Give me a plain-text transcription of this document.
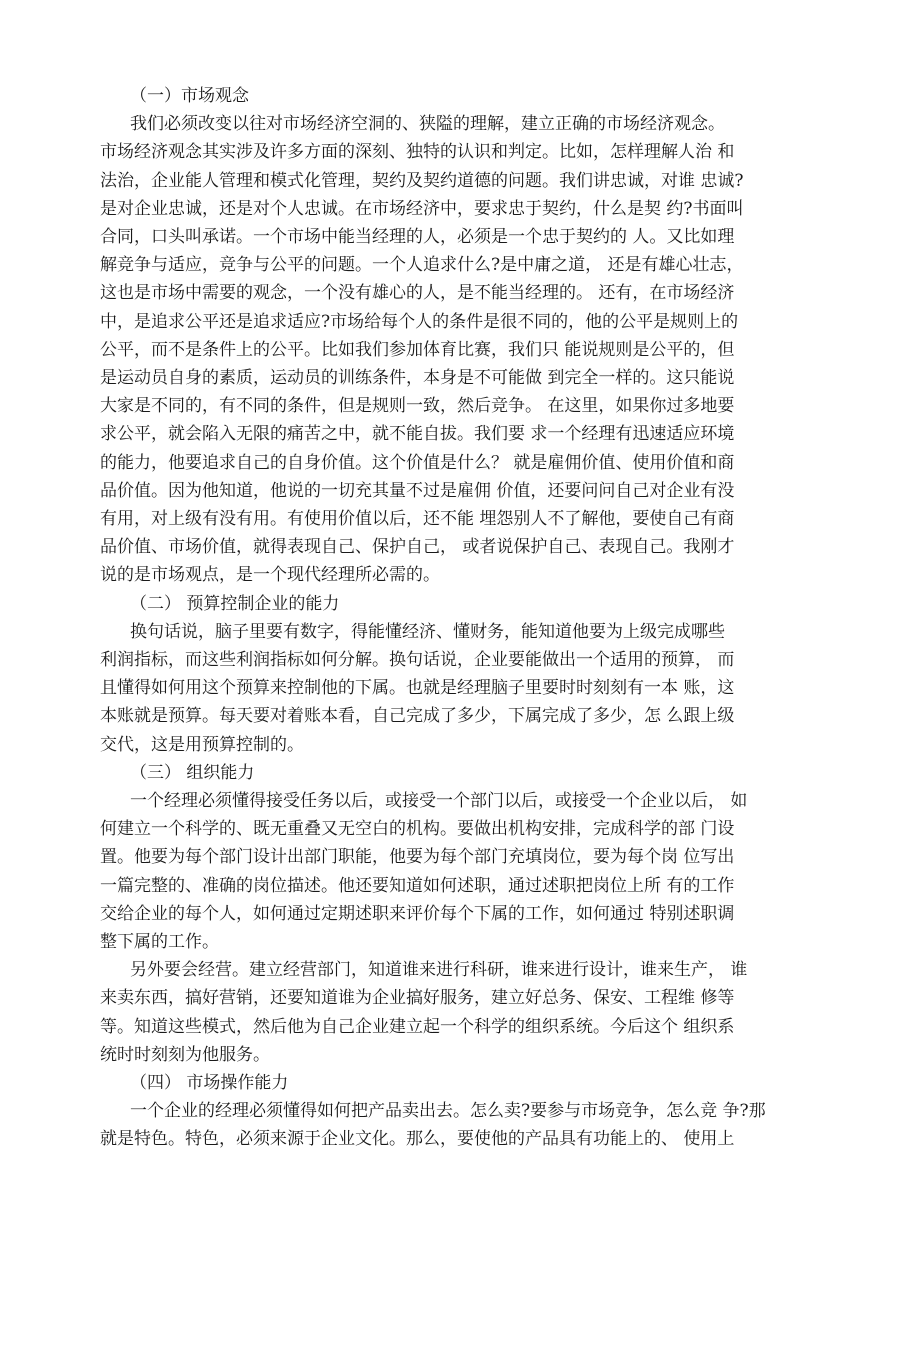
（一）市场观念
我们必须改变以往对市场经济空洞的、狭隘的理解，建立正确的市场经济观念。
市场经济观念其实涉及许多方面的深刻、独特的认识和判定。比如，怎样理解人治 和
法治，企业能人管理和模式化管理，契约及契约道德的问题。我们讲忠诚，对谁 忠诚?
是对企业忠诚，还是对个人忠诚。在市场经济中，要求忠于契约，什么是契 约?书面叫
合同，口头叫承诺。一个市场中能当经理的人，必须是一个忠于契约的 人。又比如理
解竞争与适应，竞争与公平的问题。一个人追求什么?是中庸之道， 还是有雄心壮志，
这也是市场中需要的观念，一个没有雄心的人，是不能当经理的。 还有，在市场经济
中，是追求公平还是追求适应?市场给每个人的条件是很不同的，他的公平是规则上的
公平，而不是条件上的公平。比如我们参加体育比赛，我们只 能说规则是公平的，但
是运动员自身的素质，运动员的训练条件，本身是不可能做 到完全一样的。这只能说
大家是不同的，有不同的条件，但是规则一致，然后竞争。 在这里，如果你过多地要
求公平，就会陷入无限的痛苦之中，就不能自拔。我们要 求一个经理有迅速适应环境
的能力，他要追求自己的自身价值。这个价值是什么？ 就是雇佣价值、使用价值和商
品价值。因为他知道，他说的一切充其量不过是雇佣 价值，还要问问自己对企业有没
有用，对上级有没有用。有使用价值以后，还不能 埋怨别人不了解他，要使自己有商
品价值、市场价值，就得表现自己、保护自己， 或者说保护自己、表现自己。我刚才
说的是市场观点，是一个现代经理所必需的。
（二） 预算控制企业的能力
换句话说，脑子里要有数字，得能懂经济、懂财务，能知道他要为上级完成哪些
利润指标，而这些利润指标如何分解。换句话说，企业要能做出一个适用的预算， 而
且懂得如何用这个预算来控制他的下属。也就是经理脑子里要时时刻刻有一本 账，这
本账就是预算。每天要对着账本看，自己完成了多少，下属完成了多少，怎 么跟上级
交代，这是用预算控制的。
（三） 组织能力
一个经理必须懂得接受任务以后，或接受一个部门以后，或接受一个企业以后， 如
何建立一个科学的、既无重叠又无空白的机构。要做出机构安排，完成科学的部 门设
置。他要为每个部门设计出部门职能，他要为每个部门充填岗位，要为每个岗 位写出
一篇完整的、准确的岗位描述。他还要知道如何述职，通过述职把岗位上所 有的工作
交给企业的每个人，如何通过定期述职来评价每个下属的工作，如何通过 特别述职调
整下属的工作。
另外要会经营。建立经营部门，知道谁来进行科研，谁来进行设计，谁来生产， 谁
来卖东西，搞好营销，还要知道谁为企业搞好服务，建立好总务、保安、工程维 修等
等。知道这些模式，然后他为自己企业建立起一个科学的组织系统。今后这个 组织系
统时时刻刻为他服务。
（四） 市场操作能力
一个企业的经理必须懂得如何把产品卖出去。怎么卖?要参与市场竞争，怎么竞 争?那
就是特色。特色，必须来源于企业文化。那么，要使他的产品具有功能上的、 使用上
